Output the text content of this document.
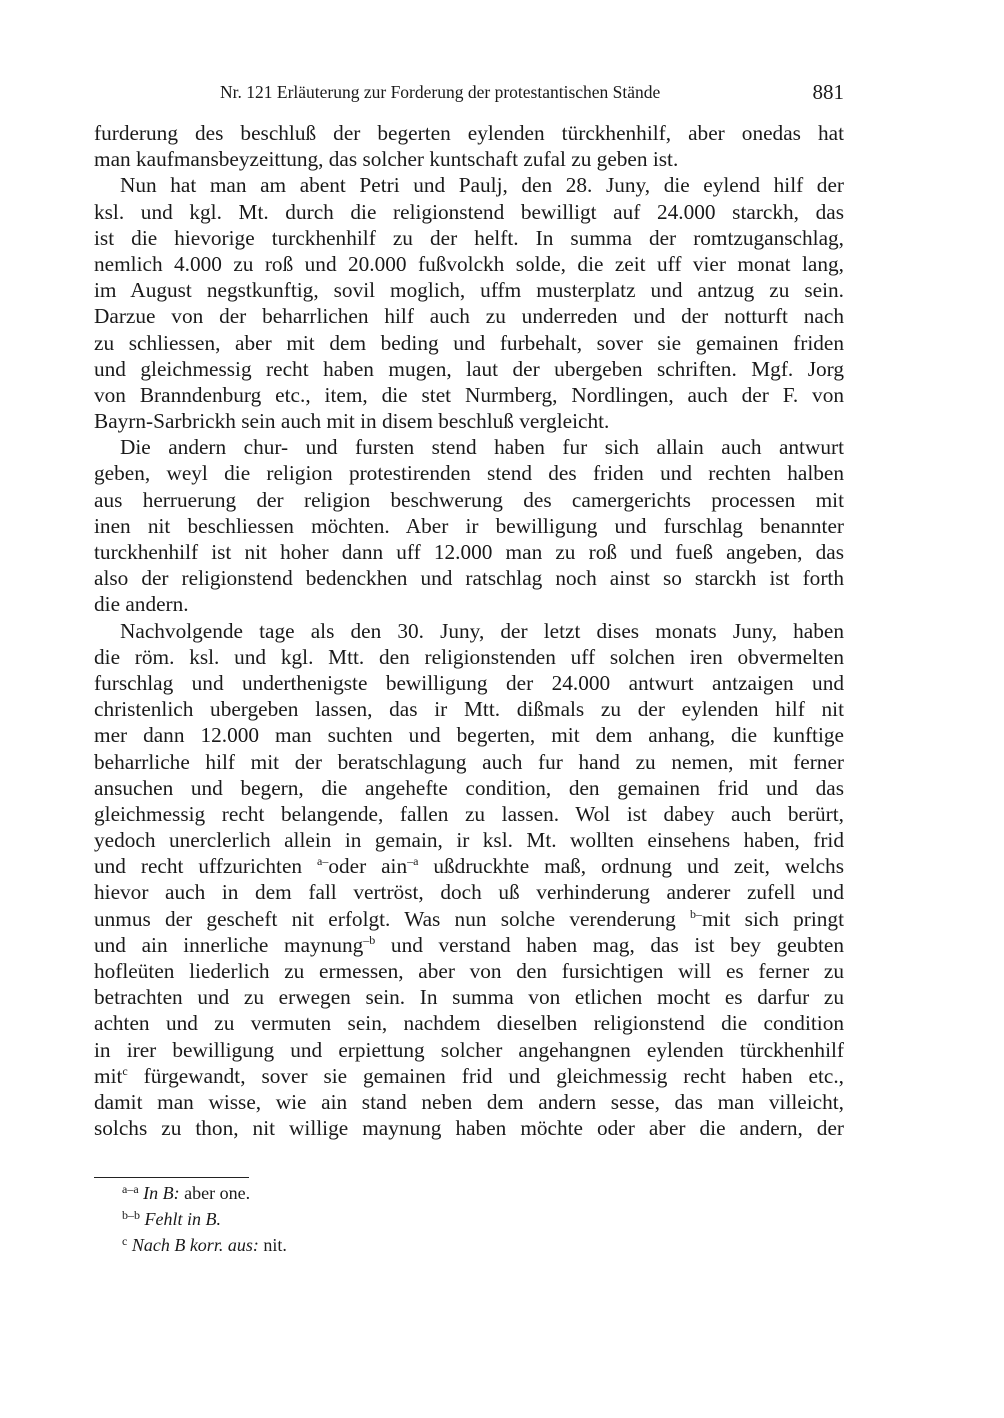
Nr. 121 Erläuterung zur Forderung der protestantischen Stände	881
furderung des beschluß der begerten eylenden türckhenhilf, aber onedas hat
man kaufmansbeyzeittung, das solcher kuntschaft zufal zu geben ist.
Nun hat man am abent Petri und Paulj, den 28. Juny, die eylend hilf der
ksl. und kgl. Mt. durch die religionstend bewilligt auf 24.000 starckh, das
ist die hievorige turckhenhilf zu der helft. In summa der romtzuganschlag,
nemlich 4.000 zu roß und 20.000 fußvolckh solde, die zeit uff vier monat lang,
im August negstkunftig, sovil moglich, uffm musterplatz und antzug zu sein.
Darzue von der beharrlichen hilf auch zu underreden und der notturft nach
zu schliessen, aber mit dem beding und furbehalt, sover sie gemainen friden
und gleichmessig recht haben mugen, laut der ubergeben schriften. Mgf. Jorg
von Branndenburg etc., item, die stet Nurmberg, Nordlingen, auch der F. von
Bayrn-Sarbrickh sein auch mit in disem beschluß vergleicht.
Die andern chur- und fursten stend haben fur sich allain auch antwurt
geben, weyl die religion protestirenden stend des friden und rechten halben
aus herruerung der religion beschwerung des camergerichts processen mit
inen nit beschliessen möchten. Aber ir bewilligung und furschlag benannter
turckhenhilf ist nit hoher dann uff 12.000 man zu roß und fueß angeben, das
also der religionstend bedenckhen und ratschlag noch ainst so starckh ist forth
die andern.
Nachvolgende tage als den 30. Juny, der letzt dises monats Juny, haben
die röm. ksl. und kgl. Mtt. den religionstenden uff solchen iren obvermelten
furschlag und underthenigste bewilligung der 24.000 antwurt antzaigen und
christenlich ubergeben lassen, das ir Mtt. dißmals zu der eylenden hilf nit
mer dann 12.000 man suchten und begerten, mit dem anhang, die kunftige
beharrliche hilf mit der beratschlagung auch fur hand zu nemen, mit ferner
ansuchen und begern, die angehefte condition, den gemainen frid und das
gleichmessig recht belangende, fallen zu lassen. Wol ist dabey auch berürt,
yedoch unerclerlich allein in gemain, ir ksl. Mt. wollten einsehens haben, frid
und recht uffzurichten $^{a-}$oder ain$^{-a}$ ußdruckhte maß, ordnung und zeit, welchs
hievor auch in dem fall vertröst, doch uß verhinderung anderer zufell und
unmus der gescheft nit erfolgt. Was nun solche verenderung $^{b-}$mit sich pringt
und ain innerliche maynung$^{-b}$ und verstand haben mag, das ist bey geubten
hofleüten liederlich zu ermessen, aber von den fursichtigen will es ferner zu
betrachten und zu erwegen sein. In summa von etlichen mocht es darfur zu
achten und zu vermuten sein, nachdem dieselben religionstend die condition
in irer bewilligung und erpiettung solcher angehangnen eylenden türckhenhilf
mit$^c$ fürgewandt, sover sie gemainen frid und gleichmessig recht haben etc.,
damit man wisse, wie ain stand neben dem andern sesse, das man villeicht,
solchs zu thon, nit willige maynung haben möchte oder aber die andern, der
$^{a-a}$ In B: aber one.
$^{b-b}$ Fehlt in B.
$^c$ Nach B korr. aus: nit.
